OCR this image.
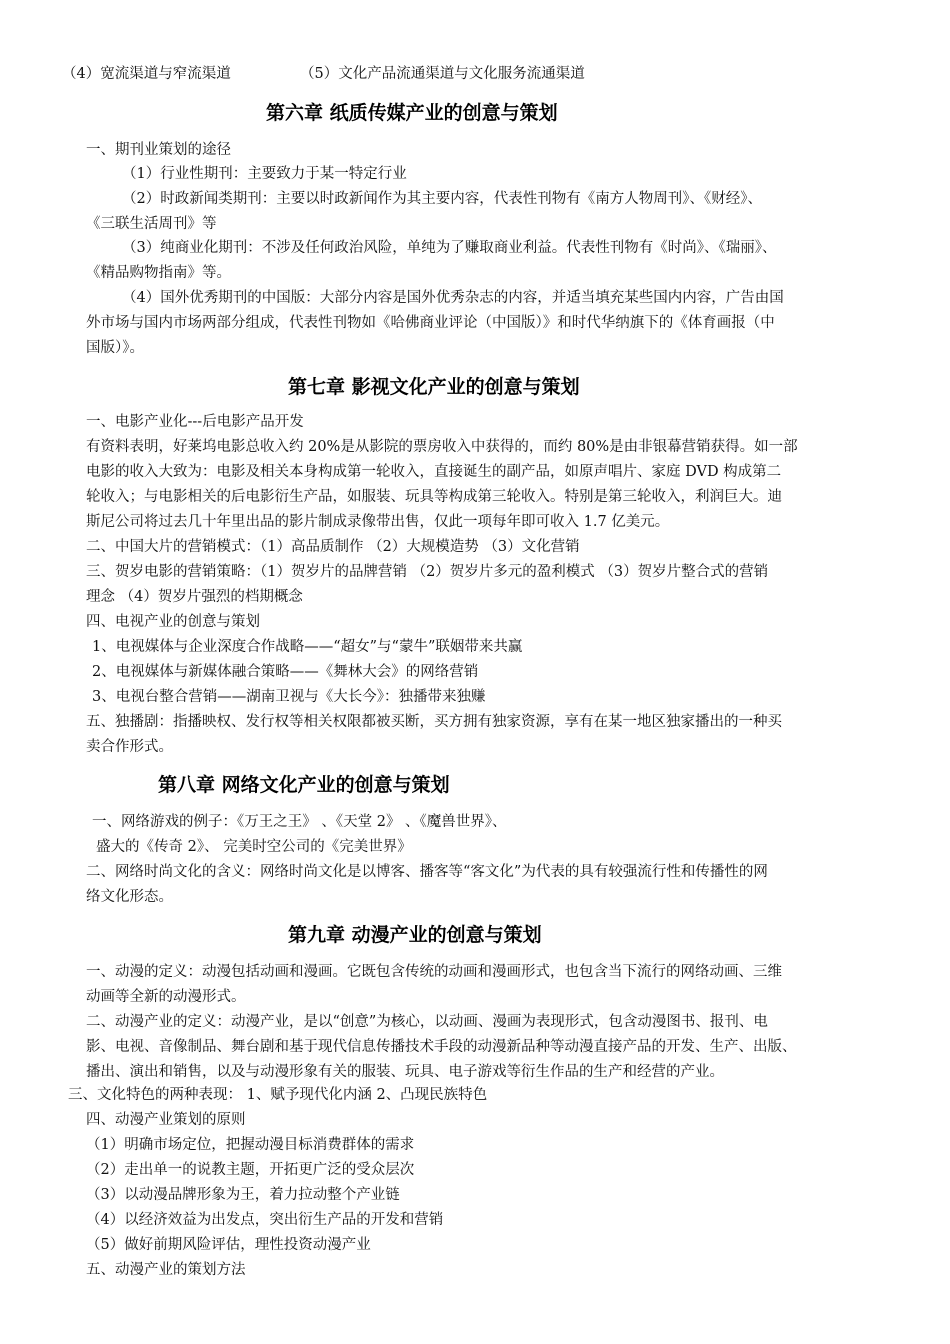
（4）宽流渠道与窄流渠道	（5）文化产品流通渠道与文化服务流通渠道
第六章 纸质传媒产业的创意与策划
一、期刊业策划的途径
（1）行业性期刊：主要致力于某一特定行业
（2）时政新闻类期刊：主要以时政新闻作为其主要内容，代表性刊物有《南方人物周刊》、《财经》、
《三联生活周刊》等
（3）纯商业化期刊：不涉及任何政治风险，单纯为了赚取商业利益。代表性刊物有《时尚》、《瑞丽》、
《精品购物指南》等。
（4）国外优秀期刊的中国版：大部分内容是国外优秀杂志的内容，并适当填充某些国内内容，广告由国
外市场与国内市场两部分组成，代表性刊物如《哈佛商业评论（中国版）》和时代华纳旗下的《体育画报（中
国版）》。
第七章 影视文化产业的创意与策划
一、电影产业化---后电影产品开发
有资料表明，好莱坞电影总收入约 20%是从影院的票房收入中获得的，而约 80%是由非银幕营销获得。如一部
电影的收入大致为：电影及相关本身构成第一轮收入，直接诞生的副产品，如原声唱片、家庭 DVD 构成第二
轮收入；与电影相关的后电影衍生产品，如服装、玩具等构成第三轮收入。特别是第三轮收入，利润巨大。迪
斯尼公司将过去几十年里出品的影片制成录像带出售，仅此一项每年即可收入 1.7 亿美元。
二、中国大片的营销模式：（1）高品质制作 （2）大规模造势 （3）文化营销
三、贺岁电影的营销策略：（1）贺岁片的品牌营销 （2）贺岁片多元的盈利模式 （3）贺岁片整合式的营销
理念 （4）贺岁片强烈的档期概念
四、电视产业的创意与策划
1、电视媒体与企业深度合作战略——“超女”与“蒙牛”联姻带来共赢
2、电视媒体与新媒体融合策略——《舞林大会》的网络营销
3、电视台整合营销——湖南卫视与《大长今》：独播带来独赚
五、独播剧：指播映权、发行权等相关权限都被买断，买方拥有独家资源，享有在某一地区独家播出的一种买
卖合作形式。
第八章 网络文化产业的创意与策划
一、网络游戏的例子：《万王之王》 、《天堂 2》 、《魔兽世界》、
盛大的《传奇 2》、 完美时空公司的《完美世界》
二、网络时尚文化的含义：网络时尚文化是以博客、播客等“客文化”为代表的具有较强流行性和传播性的网
络文化形态。
第九章 动漫产业的创意与策划
一、动漫的定义：动漫包括动画和漫画。它既包含传统的动画和漫画形式，也包含当下流行的网络动画、三维
动画等全新的动漫形式。
二、动漫产业的定义：动漫产业，是以“创意”为核心，以动画、漫画为表现形式，包含动漫图书、报刊、电
影、电视、音像制品、舞台剧和基于现代信息传播技术手段的动漫新品种等动漫直接产品的开发、生产、出版、
播出、演出和销售，以及与动漫形象有关的服装、玩具、电子游戏等衍生作品的生产和经营的产业。
三、文化特色的两种表现： 1、赋予现代化内涵 2、凸现民族特色
四、动漫产业策划的原则
（1）明确市场定位，把握动漫目标消费群体的需求
（2）走出单一的说教主题，开拓更广泛的受众层次
（3）以动漫品牌形象为王，着力拉动整个产业链
（4）以经济效益为出发点，突出衍生产品的开发和营销
（5）做好前期风险评估，理性投资动漫产业
五、动漫产业的策划方法
